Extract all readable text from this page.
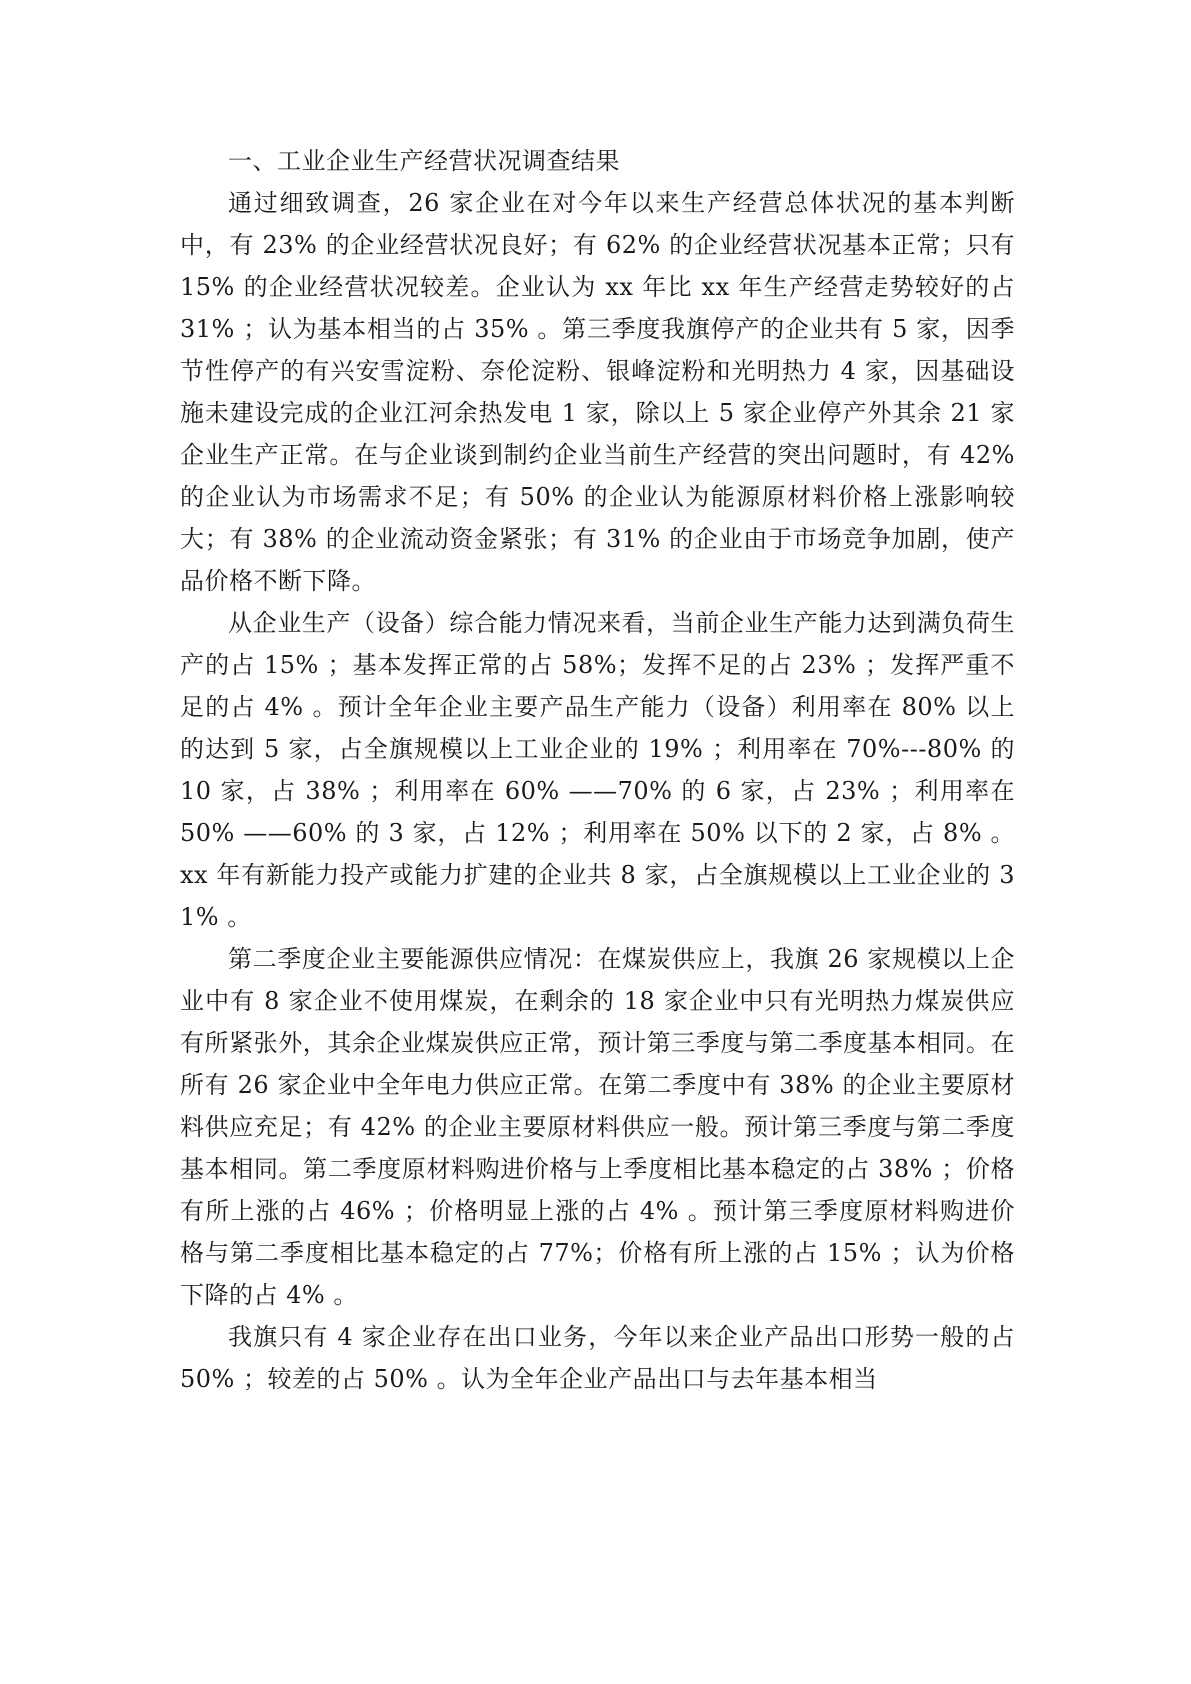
一、工业企业生产经营状况调查结果

通过细致调查，26 家企业在对今年以来生产经营总体状况的基本判断中，有 23% 的企业经营状况良好；有 62% 的企业经营状况基本正常；只有 15% 的企业经营状况较差。企业认为 xx 年比 xx 年生产经营走势较好的占 31% ；认为基本相当的占 35% 。第三季度我旗停产的企业共有 5 家，因季节性停产的有兴安雪淀粉、奈伦淀粉、银峰淀粉和光明热力 4 家，因基础设施未建设完成的企业江河余热发电 1 家，除以上 5 家企业停产外其余 21 家企业生产正常。在与企业谈到制约企业当前生产经营的突出问题时，有 42% 的企业认为市场需求不足；有 50% 的企业认为能源原材料价格上涨影响较大；有 38% 的企业流动资金紧张；有 31% 的企业由于市场竞争加剧，使产品价格不断下降。

从企业生产（设备）综合能力情况来看，当前企业生产能力达到满负荷生产的占 15% ；基本发挥正常的占 58%；发挥不足的占 23% ；发挥严重不足的占 4% 。预计全年企业主要产品生产能力（设备）利用率在 80% 以上的达到 5 家，占全旗规模以上工业企业的 19% ；利用率在 70%---80% 的 10 家，占 38% ；利用率在 60% ——70% 的 6 家，占 23% ；利用率在 50% ——60% 的 3 家，占 12% ；利用率在 50% 以下的 2 家，占 8% 。xx 年有新能力投产或能力扩建的企业共 8 家，占全旗规模以上工业企业的 31% 。

第二季度企业主要能源供应情况：在煤炭供应上，我旗 26 家规模以上企业中有 8 家企业不使用煤炭，在剩余的 18 家企业中只有光明热力煤炭供应有所紧张外，其余企业煤炭供应正常，预计第三季度与第二季度基本相同。在所有 26 家企业中全年电力供应正常。在第二季度中有 38% 的企业主要原材料供应充足；有 42% 的企业主要原材料供应一般。预计第三季度与第二季度基本相同。第二季度原材料购进价格与上季度相比基本稳定的占 38% ；价格有所上涨的占 46% ；价格明显上涨的占 4% 。预计第三季度原材料购进价格与第二季度相比基本稳定的占 77%；价格有所上涨的占 15% ；认为价格下降的占 4% 。

我旗只有 4 家企业存在出口业务，今年以来企业产品出口形势一般的占 50% ；较差的占 50% 。认为全年企业产品出口与去年基本相当
